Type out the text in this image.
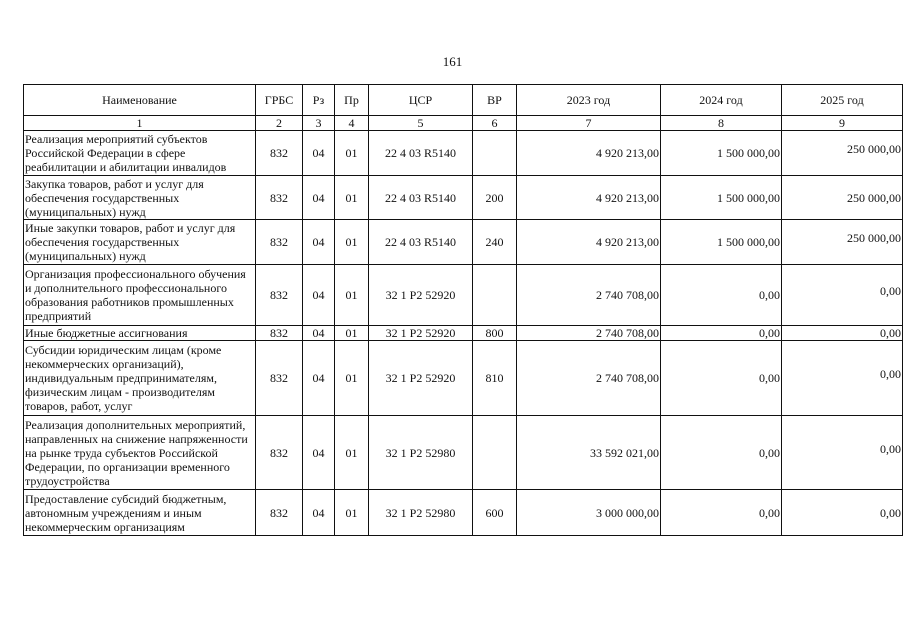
161
Наименование	ГРБС	Рз	Пр	ЦСР	ВР	2023 год	2024 год	2025 год
1	2	3	4	5	6	7	8	9
Реализация мероприятий субъектов Российской Федерации в сфере реабилитации и абилитации инвалидов	832	04	01	22 4 03 R5140		4 920 213,00	1 500 000,00	250 000,00
Закупка товаров, работ и услуг для обеспечения государственных (муниципальных) нужд	832	04	01	22 4 03 R5140	200	4 920 213,00	1 500 000,00	250 000,00
Иные закупки товаров, работ и услуг для обеспечения государственных (муниципальных) нужд	832	04	01	22 4 03 R5140	240	4 920 213,00	1 500 000,00	250 000,00
Организация профессионального обучения и дополнительного профессионального образования работников промышленных предприятий	832	04	01	32 1 P2 52920		2 740 708,00	0,00	0,00
Иные бюджетные ассигнования	832	04	01	32 1 P2 52920	800	2 740 708,00	0,00	0,00
Субсидии юридическим лицам (кроме некоммерческих организаций), индивидуальным предпринимателям, физическим лицам - производителям товаров, работ, услуг	832	04	01	32 1 P2 52920	810	2 740 708,00	0,00	0,00
Реализация дополнительных мероприятий, направленных на снижение напряженности на рынке труда субъектов Российской Федерации, по организации временного трудоустройства	832	04	01	32 1 P2 52980		33 592 021,00	0,00	0,00
Предоставление субсидий бюджетным, автономным учреждениям и иным некоммерческим организациям	832	04	01	32 1 P2 52980	600	3 000 000,00	0,00	0,00
